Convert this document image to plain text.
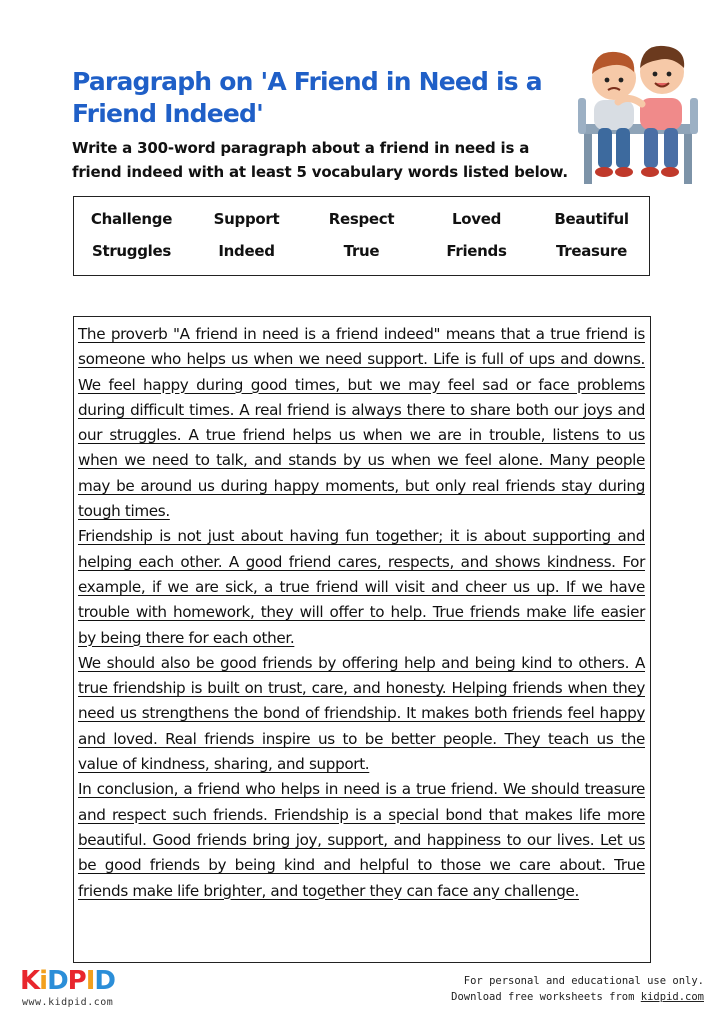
Paragraph on 'A Friend in Need is a Friend Indeed'
Write a 300-word paragraph about a friend in need is a friend indeed with at least 5 vocabulary words listed below.
Challenge	Support	Respect	Loved	Beautiful
Struggles	Indeed	True	Friends	Treasure

The proverb "A friend in need is a friend indeed" means that a true friend is someone who helps us when we need support. Life is full of ups and downs. We feel happy during good times, but we may feel sad or face problems during difficult times. A real friend is always there to share both our joys and our struggles. A true friend helps us when we are in trouble, listens to us when we need to talk, and stands by us when we feel alone. Many people may be around us during happy moments, but only real friends stay during tough times.

Friendship is not just about having fun together; it is about supporting and helping each other. A good friend cares, respects, and shows kindness. For example, if we are sick, a true friend will visit and cheer us up. If we have trouble with homework, they will offer to help. True friends make life easier by being there for each other.

We should also be good friends by offering help and being kind to others. A true friendship is built on trust, care, and honesty. Helping friends when they need us strengthens the bond of friendship. It makes both friends feel happy and loved. Real friends inspire us to be better people. They teach us the value of kindness, sharing, and support.

In conclusion, a friend who helps in need is a true friend. We should treasure and respect such friends. Friendship is a special bond that makes life more beautiful. Good friends bring joy, support, and happiness to our lives. Let us be good friends by being kind and helpful to those we care about. True friends make life brighter, and together they can face any challenge.

K i D P I D
www.kidpid.com
For personal and educational use only.
Download free worksheets from kidpid.com
